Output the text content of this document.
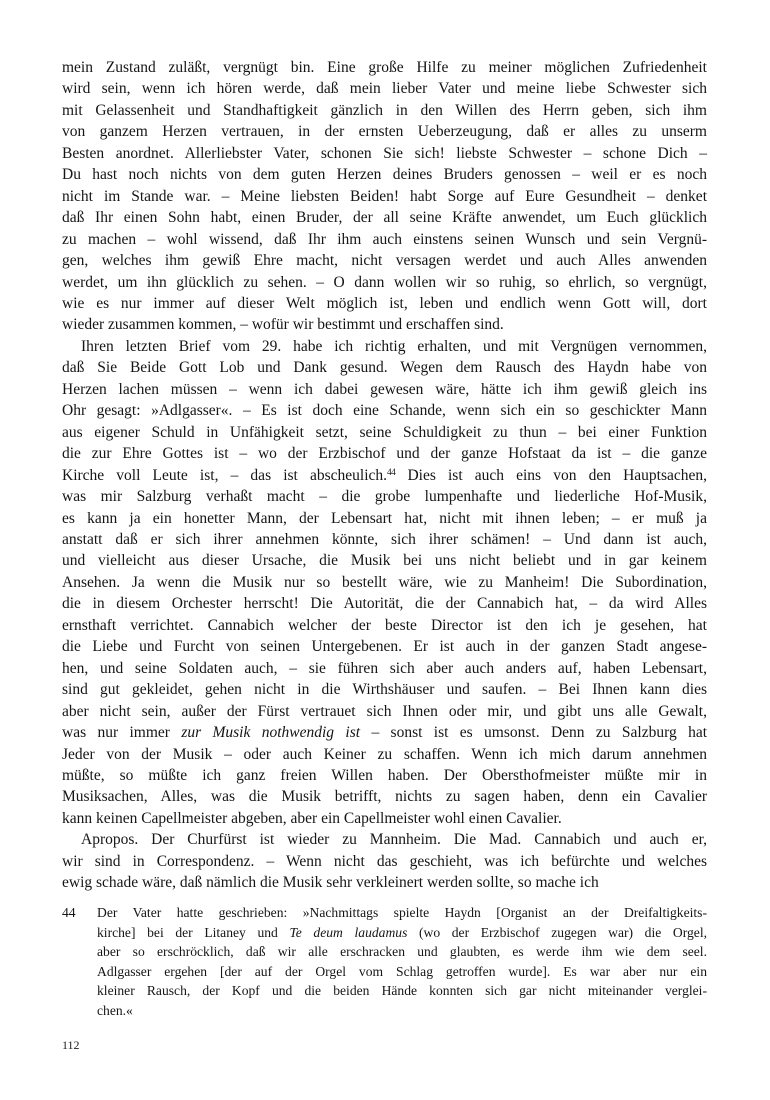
mein Zustand zuläßt, vergnügt bin. Eine große Hilfe zu meiner möglichen Zufriedenheit
wird sein, wenn ich hören werde, daß mein lieber Vater und meine liebe Schwester sich
mit Gelassenheit und Standhaftigkeit gänzlich in den Willen des Herrn geben, sich ihm
von ganzem Herzen vertrauen, in der ernsten Ueberzeugung, daß er alles zu unserm
Besten anordnet. Allerliebster Vater, schonen Sie sich! liebste Schwester – schone Dich –
Du hast noch nichts von dem guten Herzen deines Bruders genossen – weil er es noch
nicht im Stande war. – Meine liebsten Beiden! habt Sorge auf Eure Gesundheit – denket
daß Ihr einen Sohn habt, einen Bruder, der all seine Kräfte anwendet, um Euch glücklich
zu machen – wohl wissend, daß Ihr ihm auch einstens seinen Wunsch und sein Vergnü-
gen, welches ihm gewiß Ehre macht, nicht versagen werdet und auch Alles anwenden
werdet, um ihn glücklich zu sehen. – O dann wollen wir so ruhig, so ehrlich, so vergnügt,
wie es nur immer auf dieser Welt möglich ist, leben und endlich wenn Gott will, dort
wieder zusammen kommen, – wofür wir bestimmt und erschaffen sind.
Ihren letzten Brief vom 29. habe ich richtig erhalten, und mit Vergnügen vernommen,
daß Sie Beide Gott Lob und Dank gesund. Wegen dem Rausch des Haydn habe von
Herzen lachen müssen – wenn ich dabei gewesen wäre, hätte ich ihm gewiß gleich ins
Ohr gesagt: »Adlgasser«. – Es ist doch eine Schande, wenn sich ein so geschickter Mann
aus eigener Schuld in Unfähigkeit setzt, seine Schuldigkeit zu thun – bei einer Funktion
die zur Ehre Gottes ist – wo der Erzbischof und der ganze Hofstaat da ist – die ganze
Kirche voll Leute ist, – das ist abscheulich.$^{44}$ Dies ist auch eins von den Hauptsachen,
was mir Salzburg verhaßt macht – die grobe lumpenhafte und liederliche Hof-Musik,
es kann ja ein honetter Mann, der Lebensart hat, nicht mit ihnen leben; – er muß ja
anstatt daß er sich ihrer annehmen könnte, sich ihrer schämen! – Und dann ist auch,
und vielleicht aus dieser Ursache, die Musik bei uns nicht beliebt und in gar keinem
Ansehen. Ja wenn die Musik nur so bestellt wäre, wie zu Manheim! Die Subordination,
die in diesem Orchester herrscht! Die Autorität, die der Cannabich hat, – da wird Alles
ernsthaft verrichtet. Cannabich welcher der beste Director ist den ich je gesehen, hat
die Liebe und Furcht von seinen Untergebenen. Er ist auch in der ganzen Stadt angese-
hen, und seine Soldaten auch, – sie führen sich aber auch anders auf, haben Lebensart,
sind gut gekleidet, gehen nicht in die Wirthshäuser und saufen. – Bei Ihnen kann dies
aber nicht sein, außer der Fürst vertrauet sich Ihnen oder mir, und gibt uns alle Gewalt,
was nur immer zur Musik nothwendig ist – sonst ist es umsonst. Denn zu Salzburg hat
Jeder von der Musik – oder auch Keiner zu schaffen. Wenn ich mich darum annehmen
müßte, so müßte ich ganz freien Willen haben. Der Obersthofmeister müßte mir in
Musiksachen, Alles, was die Musik betrifft, nichts zu sagen haben, denn ein Cavalier
kann keinen Capellmeister abgeben, aber ein Capellmeister wohl einen Cavalier.
Apropos. Der Churfürst ist wieder zu Mannheim. Die Mad. Cannabich und auch er,
wir sind in Correspondenz. – Wenn nicht das geschieht, was ich befürchte und welches
ewig schade wäre, daß nämlich die Musik sehr verkleinert werden sollte, so mache ich
44 Der Vater hatte geschrieben: »Nachmittags spielte Haydn [Organist an der Dreifaltigkeits-
kirche] bei der Litaney und Te deum laudamus (wo der Erzbischof zugegen war) die Orgel,
aber so erschröcklich, daß wir alle erschracken und glaubten, es werde ihm wie dem seel.
Adlgasser ergehen [der auf der Orgel vom Schlag getroffen wurde]. Es war aber nur ein
kleiner Rausch, der Kopf und die beiden Hände konnten sich gar nicht miteinander verglei-
chen.«
112
